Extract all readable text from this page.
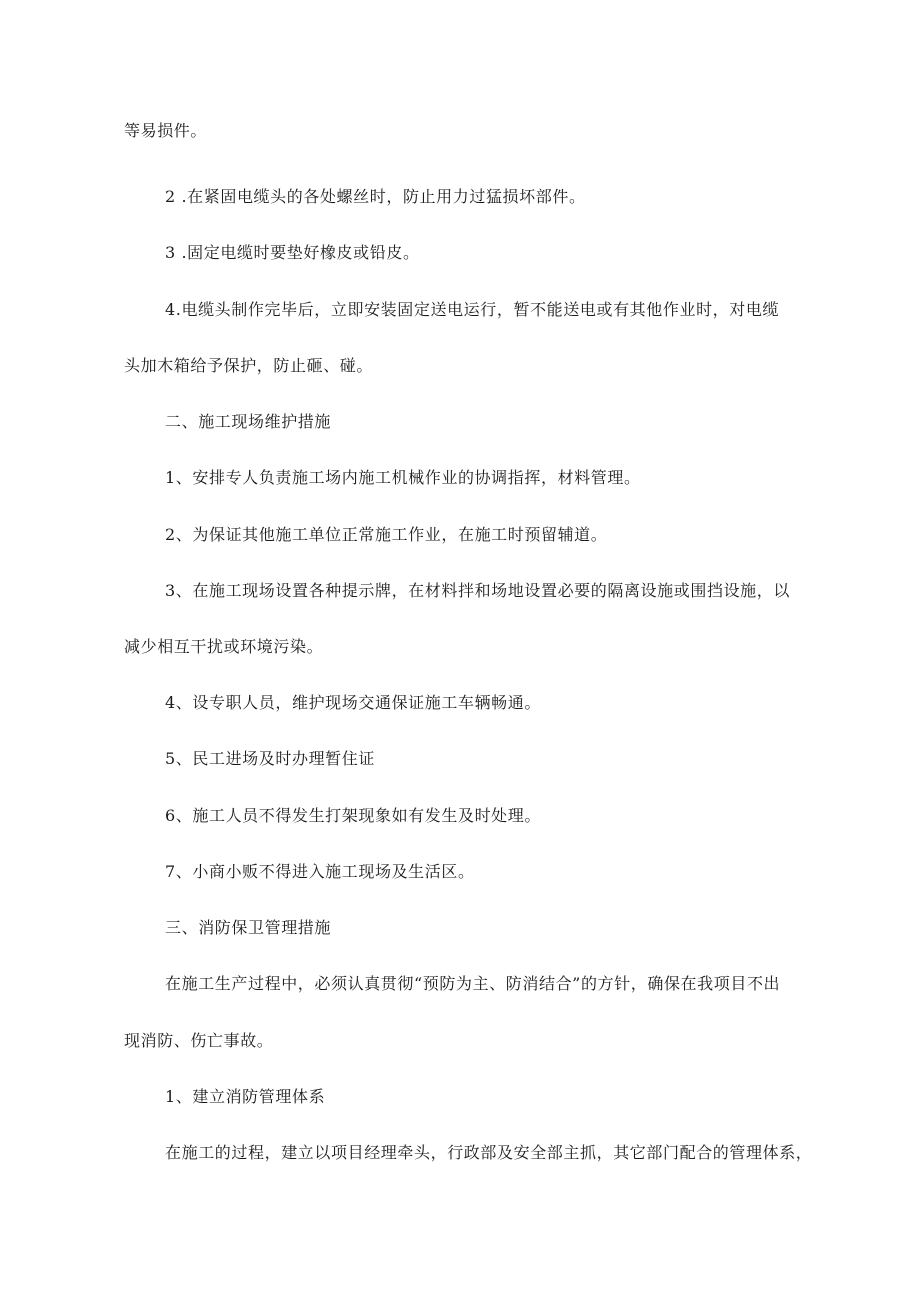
等易损件。

2 .在紧固电缆头的各处螺丝时，防止用力过猛损坏部件。

3 .固定电缆时要垫好橡皮或铅皮。

4.电缆头制作完毕后，立即安装固定送电运行，暂不能送电或有其他作业时，对电缆

头加木箱给予保护，防止砸、碰。

二、施工现场维护措施

1、安排专人负责施工场内施工机械作业的协调指挥，材料管理。

2、为保证其他施工单位正常施工作业，在施工时预留辅道。

3、在施工现场设置各种提示牌，在材料拌和场地设置必要的隔离设施或围挡设施，以

减少相互干扰或环境污染。

4、设专职人员，维护现场交通保证施工车辆畅通。

5、民工进场及时办理暂住证

6、施工人员不得发生打架现象如有发生及时处理。

7、小商小贩不得进入施工现场及生活区。

三、消防保卫管理措施

在施工生产过程中，必须认真贯彻“预防为主、防消结合”的方针，确保在我项目不出

现消防、伤亡事故。

1、建立消防管理体系

在施工的过程，建立以项目经理牵头，行政部及安全部主抓，其它部门配合的管理体系，
